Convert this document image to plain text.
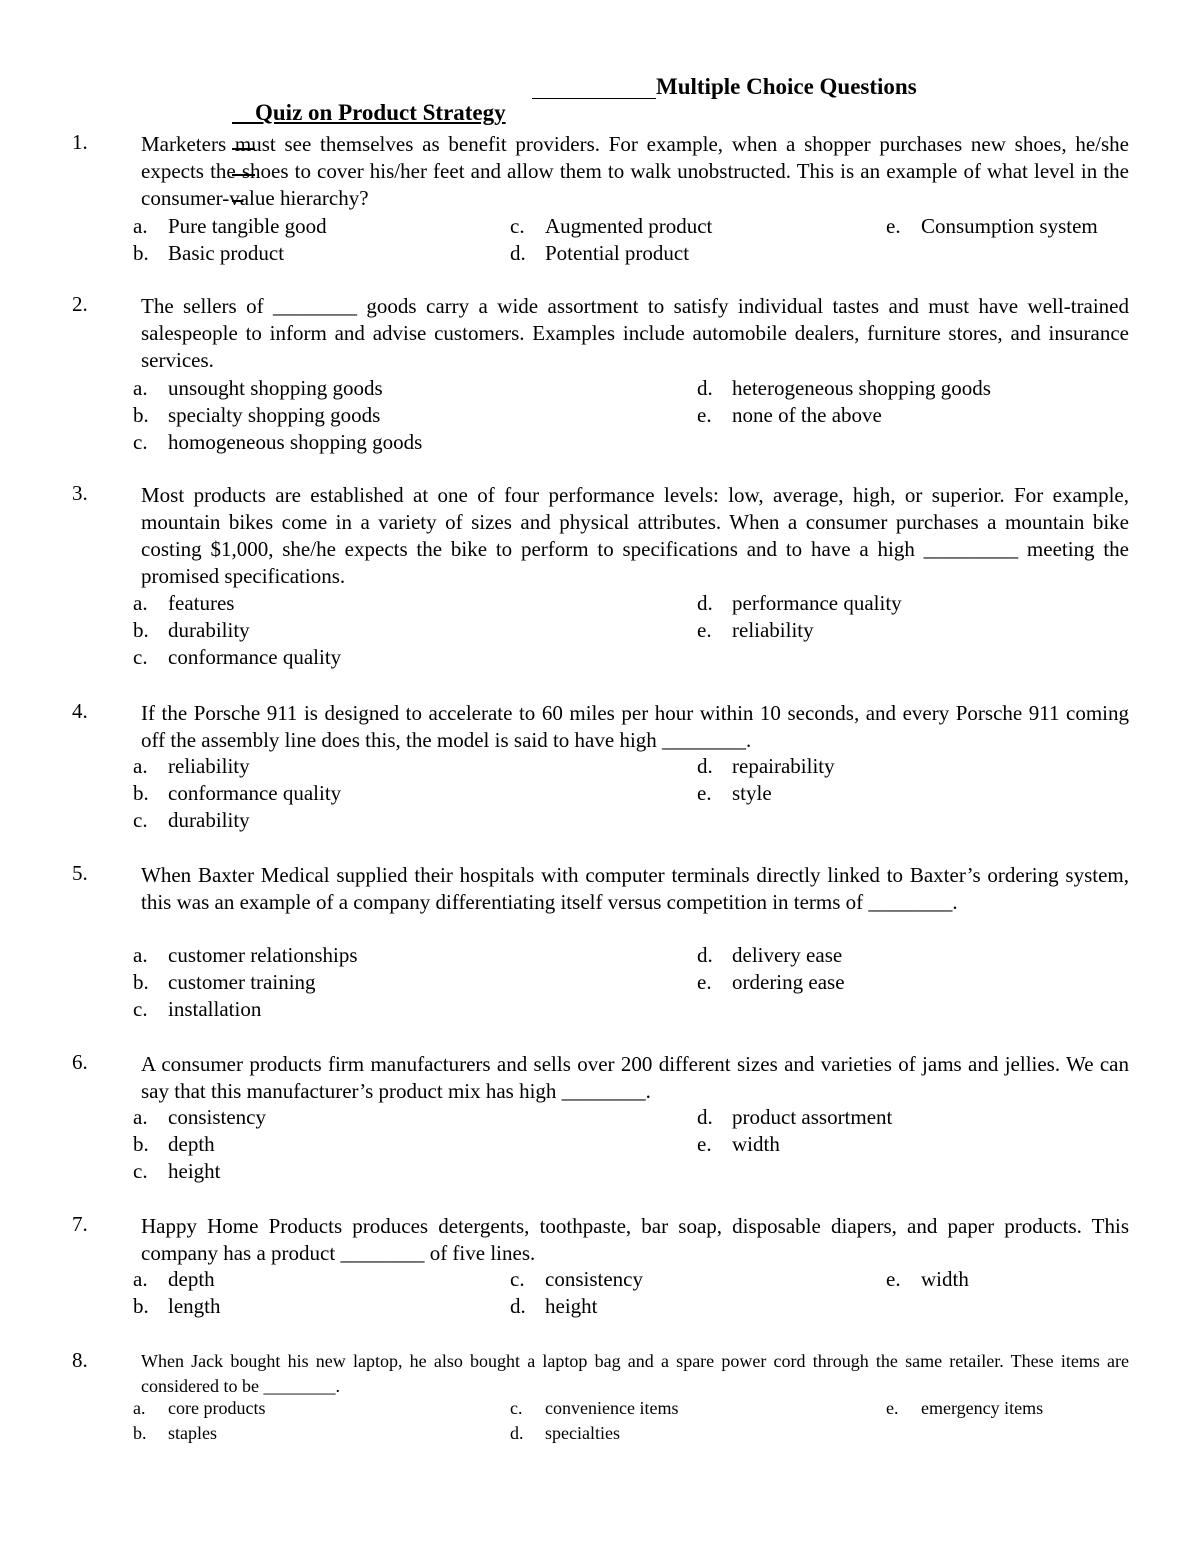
Quiz on Product Strategy

Multiple Choice Questions

1.	Marketers must see themselves as benefit providers. For example, when a shopper purchases new shoes, he/she expects the shoes to cover his/her feet and allow them to walk unobstructed. This is an example of what level in the consumer-value hierarchy?
a. Pure tangible good
b. Basic product
c. Augmented product
d. Potential product
e. Consumption system
2.	The sellers of ________ goods carry a wide assortment to satisfy individual tastes and must have well-trained salespeople to inform and advise customers. Examples include automobile dealers, furniture stores, and insurance services.
a. unsought shopping goods
b. specialty shopping goods
c. homogeneous shopping goods
d. heterogeneous shopping goods
e. none of the above
3.	Most products are established at one of four performance levels: low, average, high, or superior. For example, mountain bikes come in a variety of sizes and physical attributes. When a consumer purchases a mountain bike costing $1,000, she/he expects the bike to perform to specifications and to have a high _________ meeting the promised specifications.
a. features
b. durability
c. conformance quality
d. performance quality
e. reliability
4.	If the Porsche 911 is designed to accelerate to 60 miles per hour within 10 seconds, and every Porsche 911 coming off the assembly line does this, the model is said to have high ________.
a. reliability
b. conformance quality
c. durability
d. repairability
e. style
5.	When Baxter Medical supplied their hospitals with computer terminals directly linked to Baxter’s ordering system, this was an example of a company differentiating itself versus competition in terms of ________.
a. customer relationships
b. customer training
c. installation
d. delivery ease
e. ordering ease
6.	A consumer products firm manufacturers and sells over 200 different sizes and varieties of jams and jellies. We can say that this manufacturer’s product mix has high ________.
a. consistency
b. depth
c. height
d. product assortment
e. width
7.	Happy Home Products produces detergents, toothpaste, bar soap, disposable diapers, and paper products. This company has a product ________ of five lines.
a. depth
b. length
c. consistency
d. height
e. width
8.	When Jack bought his new laptop, he also bought a laptop bag and a spare power cord through the same retailer. These items are considered to be ________.
a. core products
b. staples
c. convenience items
d. specialties
e. emergency items
